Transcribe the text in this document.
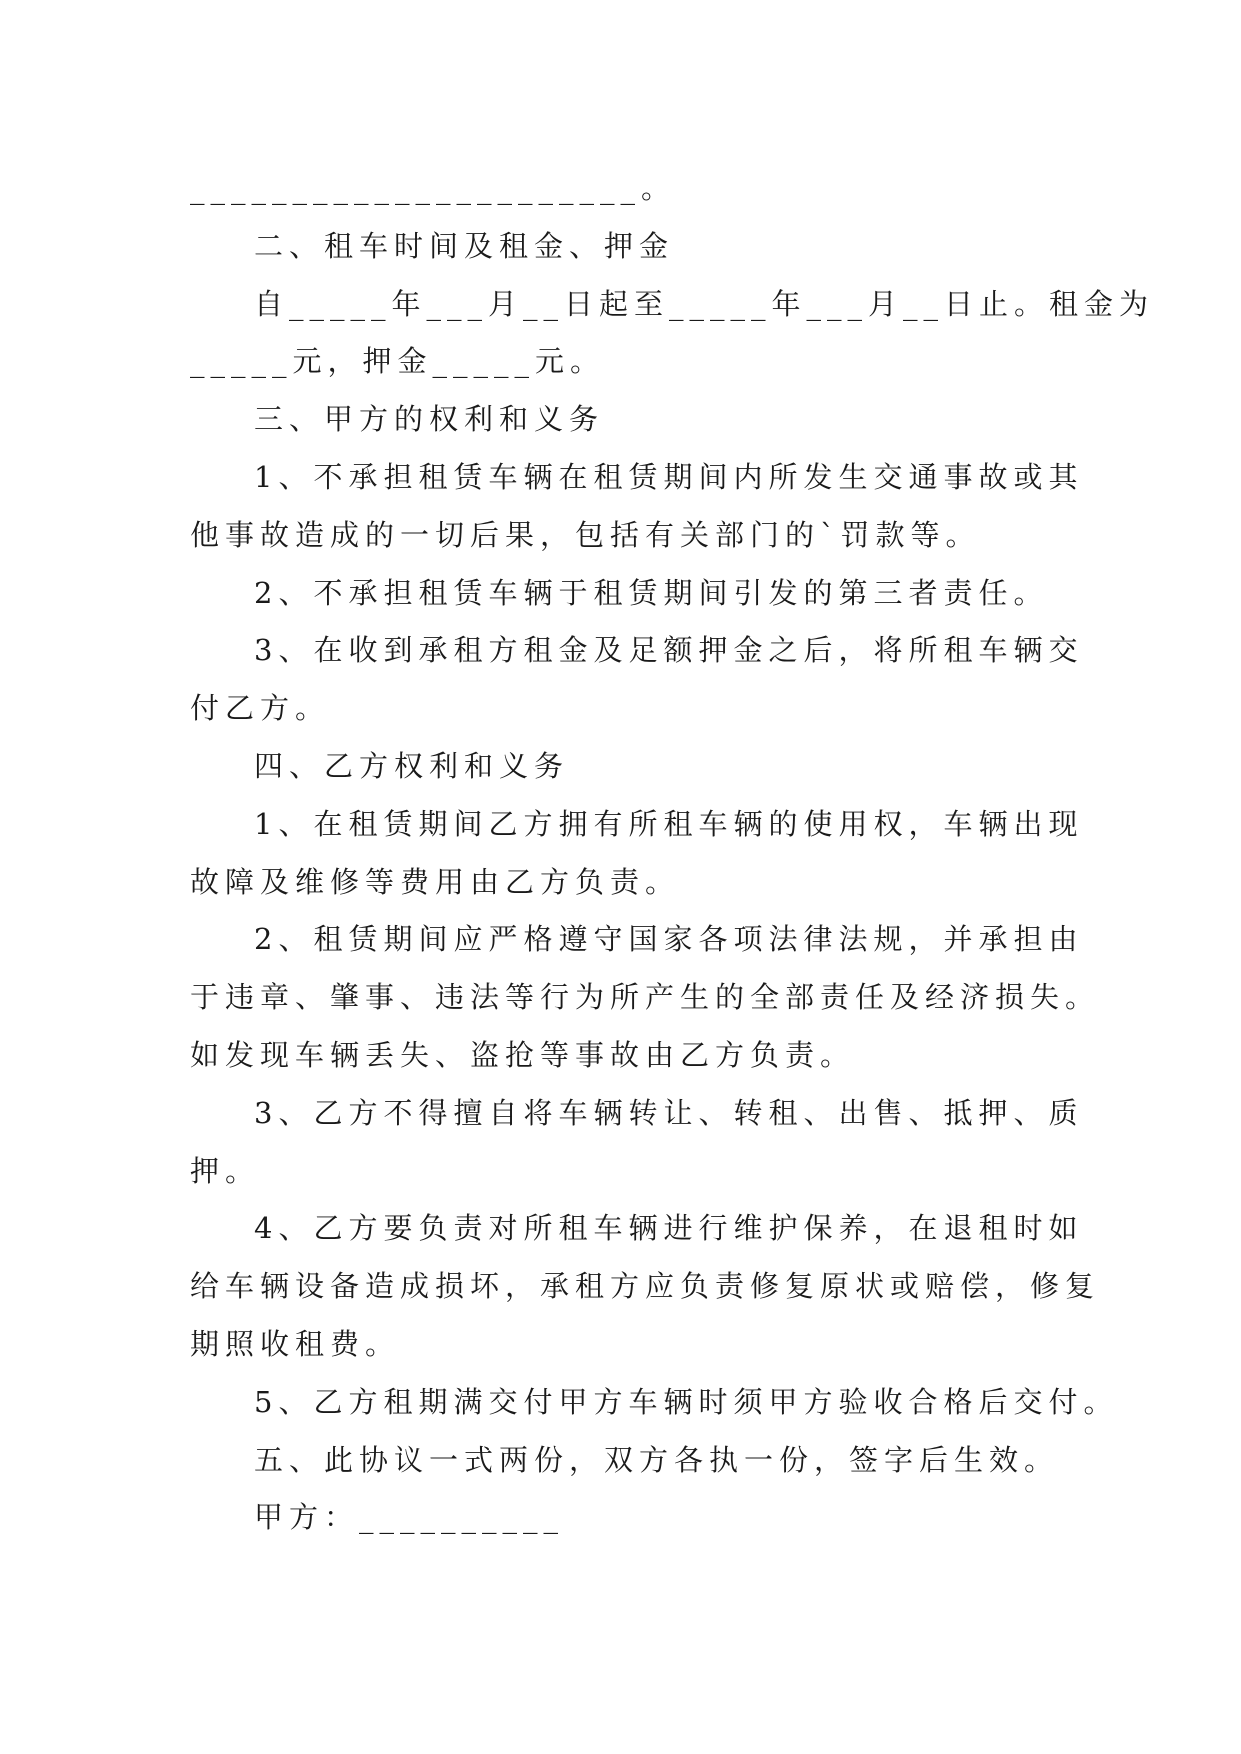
______________________。
二、租车时间及租金、押金
自_____年___月__日起至_____年___月__日止。租金为
_____元，押金_____元。
三、甲方的权利和义务
1、不承担租赁车辆在租赁期间内所发生交通事故或其
他事故造成的一切后果，包括有关部门的`罚款等。
2、不承担租赁车辆于租赁期间引发的第三者责任。
3、在收到承租方租金及足额押金之后，将所租车辆交
付乙方。
四、乙方权利和义务
1、在租赁期间乙方拥有所租车辆的使用权，车辆出现
故障及维修等费用由乙方负责。
2、租赁期间应严格遵守国家各项法律法规，并承担由
于违章、肇事、违法等行为所产生的全部责任及经济损失。
如发现车辆丢失、盗抢等事故由乙方负责。
3、乙方不得擅自将车辆转让、转租、出售、抵押、质
押。
4、乙方要负责对所租车辆进行维护保养，在退租时如
给车辆设备造成损坏，承租方应负责修复原状或赔偿，修复
期照收租费。
5、乙方租期满交付甲方车辆时须甲方验收合格后交付。
五、此协议一式两份，双方各执一份，签字后生效。
甲方：__________
